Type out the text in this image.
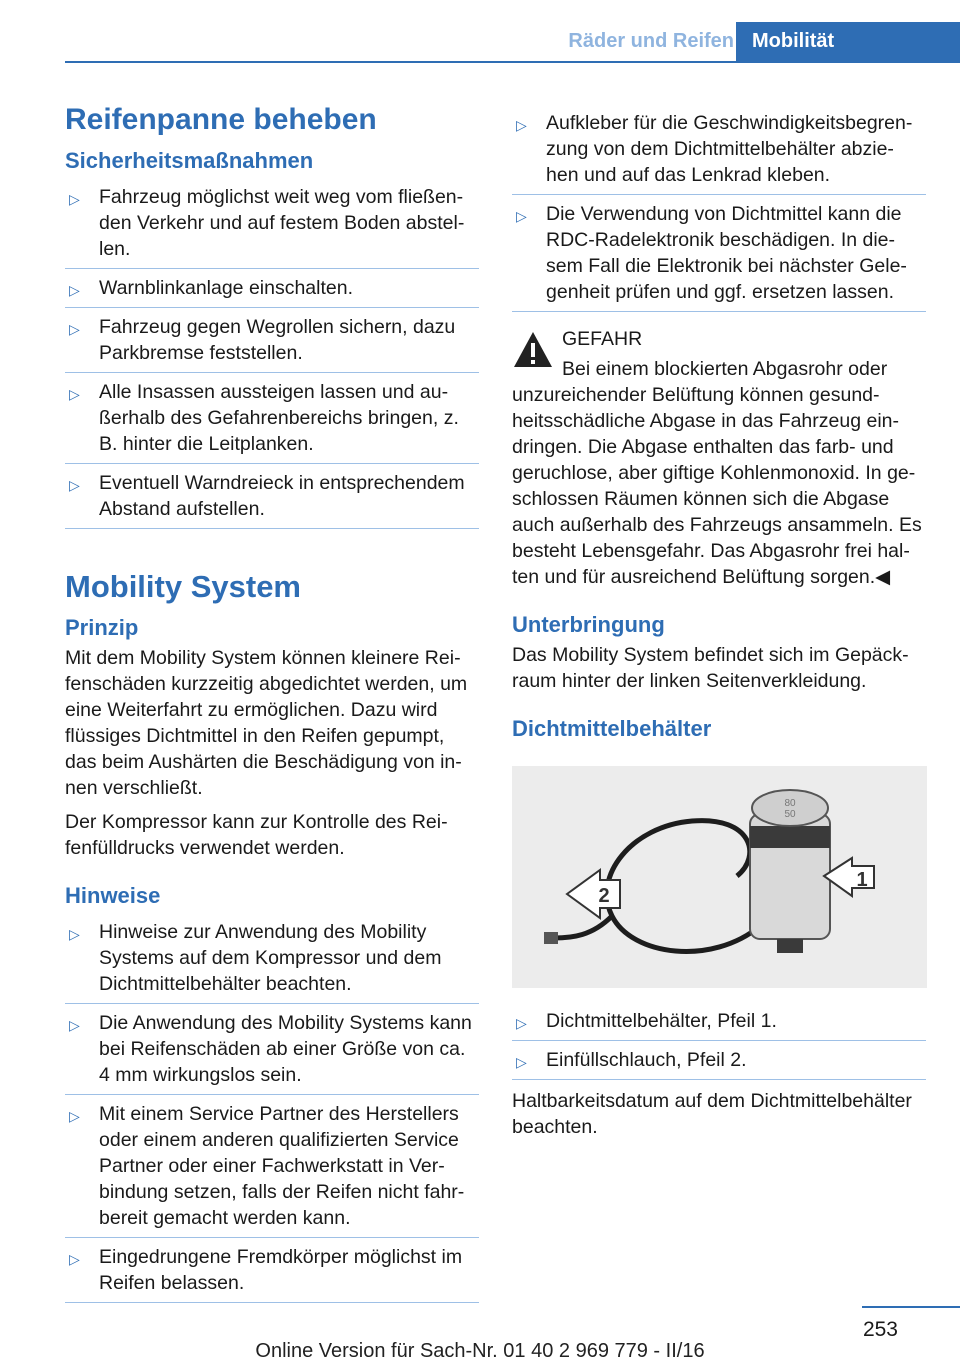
Räder und Reifen Mobilität
Reifenpanne beheben
Sicherheitsmaßnahmen
▷ Fahrzeug möglichst weit weg vom fließen-den Verkehr und auf festem Boden abstel-len.
▷ Warnblinkanlage einschalten.
▷ Fahrzeug gegen Wegrollen sichern, dazu Parkbremse feststellen.
▷ Alle Insassen aussteigen lassen und au-ßerhalb des Gefahrenbereichs bringen, z. B. hinter die Leitplanken.
▷ Eventuell Warndreieck in entsprechendem Abstand aufstellen.
Mobility System
Prinzip

Mit dem Mobility System können kleinere Rei-fenschäden kurzzeitig abgedichtet werden, um eine Weiterfahrt zu ermöglichen. Dazu wird flüssiges Dichtmittel in den Reifen gepumpt, das beim Aushärten die Beschädigung von in-nen verschließt.

Der Kompressor kann zur Kontrolle des Rei-fenfülldrucks verwendet werden.

Hinweise
▷ Hinweise zur Anwendung des Mobility Systems auf dem Kompressor und dem Dichtmittelbehälter beachten.
▷ Die Anwendung des Mobility Systems kann bei Reifenschäden ab einer Größe von ca. 4 mm wirkungslos sein.
▷ Mit einem Service Partner des Herstellers oder einem anderen qualifizierten Service Partner oder einer Fachwerkstatt in Ver-bindung setzen, falls der Reifen nicht fahr-bereit gemacht werden kann.
▷ Eingedrungene Fremdkörper möglichst im Reifen belassen.
▷ Aufkleber für die Geschwindigkeitsbegren-zung von dem Dichtmittelbehälter abzie-hen und auf das Lenkrad kleben.
▷ Die Verwendung von Dichtmittel kann die RDC-Radelektronik beschädigen. In die-sem Fall die Elektronik bei nächster Gele-genheit prüfen und ggf. ersetzen lassen.
GEFAHR
Bei einem blockierten Abgasrohr oder
unzureichender Belüftung können gesund-heitsschädliche Abgase in das Fahrzeug ein-dringen. Die Abgase enthalten das farb- und geruchlose, aber giftige Kohlenmonoxid. In ge-schlossen Räumen können sich die Abgase auch außerhalb des Fahrzeugs ansammeln. Es besteht Lebensgefahr. Das Abgasrohr frei hal-ten und für ausreichend Belüftung sorgen.◀
Unterbringung

Das Mobility System befindet sich im Gepäck-raum hinter der linken Seitenverkleidung.

Dichtmittelbehälter
80
50
2
1
▷ Dichtmittelbehälter, Pfeil 1.
▷ Einfüllschlauch, Pfeil 2.

Haltbarkeitsdatum auf dem Dichtmittelbehälter beachten.

253
Online Version für Sach-Nr. 01 40 2 969 779 - II/16
